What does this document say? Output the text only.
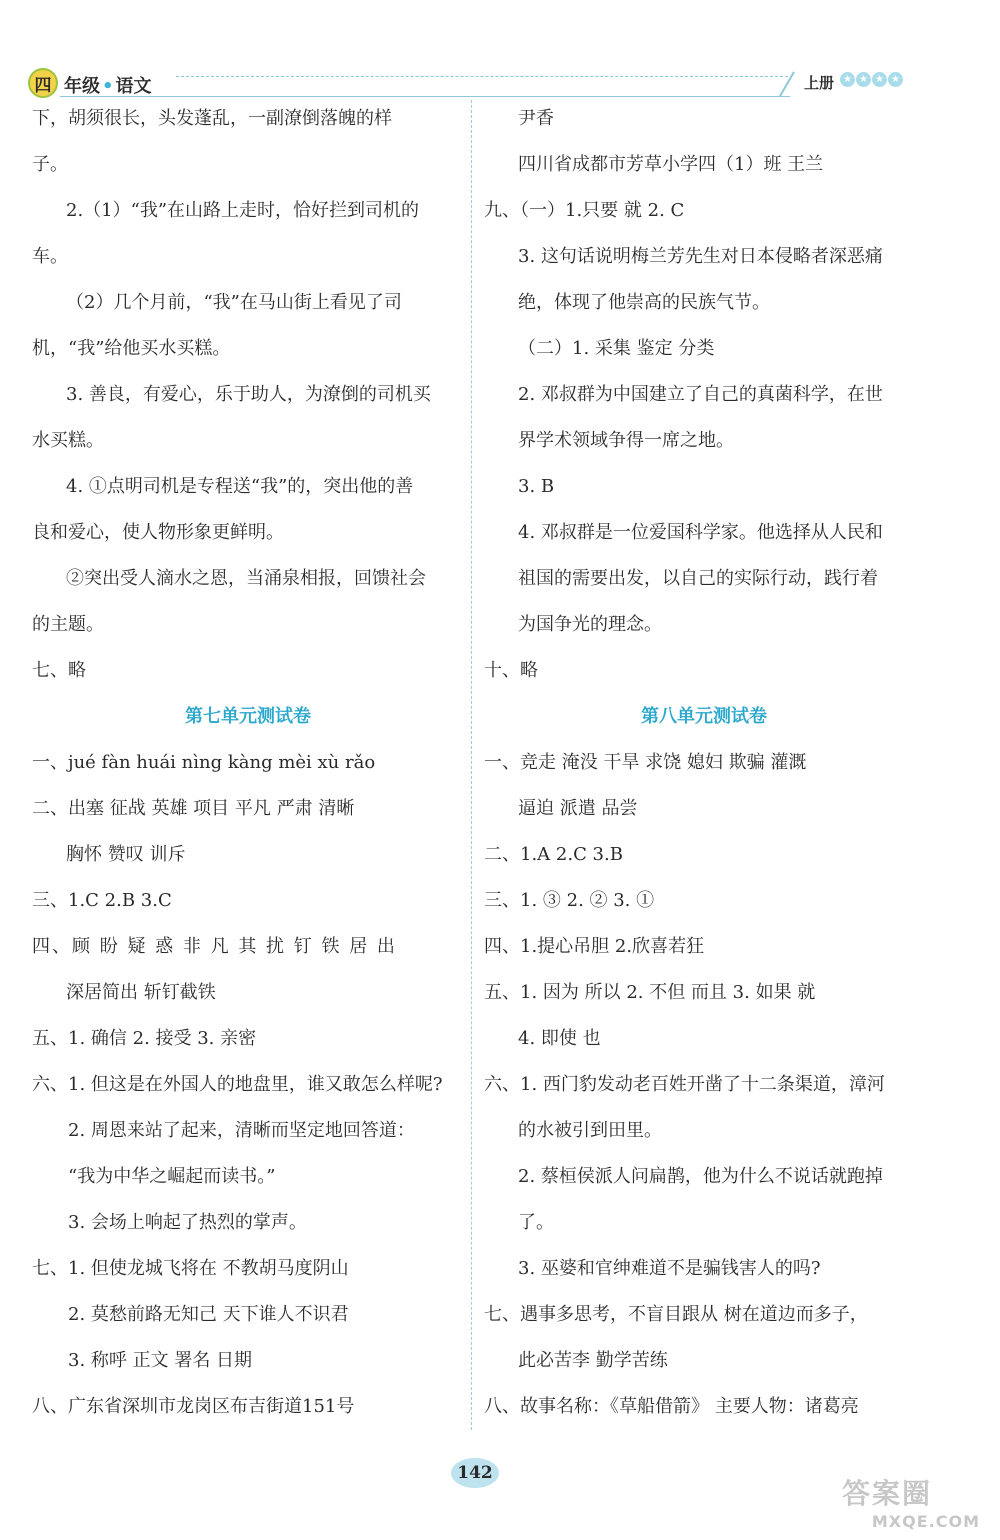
四 年级 • 语文	上册 ★ ★ ★ ★
下，胡须很长，头发蓬乱，一副潦倒落魄的样
子。
2.（1）“我”在山路上走时，恰好拦到司机的
车。
（2）几个月前，“我”在马山街上看见了司
机，“我”给他买水买糕。
3. 善良，有爱心，乐于助人，为潦倒的司机买
水买糕。
4. ①点明司机是专程送“我”的，突出他的善
良和爱心，使人物形象更鲜明。
②突出受人滴水之恩，当涌泉相报，回馈社会
的主题。
七、略
第七单元测试卷
一、jué fàn huái nìng kàng mèi xù rǎo
二、出塞 征战 英雄 项目 平凡 严肃 清晰
胸怀 赞叹 训斥
三、1.C 2.B 3.C
四、顾 盼 疑 惑 非 凡 其 扰 钉 铁 居 出
深居简出 斩钉截铁
五、1. 确信 2. 接受 3. 亲密
六、1. 但这是在外国人的地盘里，谁又敢怎么样呢?
2. 周恩来站了起来，清晰而坚定地回答道：
“我为中华之崛起而读书。”
3. 会场上响起了热烈的掌声。
七、1. 但使龙城飞将在 不教胡马度阴山
2. 莫愁前路无知己 天下谁人不识君
3. 称呼 正文 署名 日期
八、广东省深圳市龙岗区布吉街道151号
尹香
四川省成都市芳草小学四（1）班 王兰
九、（一）1.只要 就 2. C
3. 这句话说明梅兰芳先生对日本侵略者深恶痛
绝，体现了他崇高的民族气节。
（二）1. 采集 鉴定 分类
2. 邓叔群为中国建立了自己的真菌科学，在世
界学术领域争得一席之地。
3. B
4. 邓叔群是一位爱国科学家。他选择从人民和
祖国的需要出发，以自己的实际行动，践行着
为国争光的理念。
十、略
第八单元测试卷
一、竞走 淹没 干旱 求饶 媳妇 欺骗 灌溉
逼迫 派遣 品尝
二、1.A 2.C 3.B
三、1. ③ 2. ② 3. ①
四、1.提心吊胆 2.欣喜若狂
五、1. 因为 所以 2. 不但 而且 3. 如果 就
4. 即使 也
六、1. 西门豹发动老百姓开凿了十二条渠道，漳河
的水被引到田里。
2. 蔡桓侯派人问扁鹊，他为什么不说话就跑掉
了。
3. 巫婆和官绅难道不是骗钱害人的吗?
七、遇事多思考，不盲目跟从 树在道边而多子，
此必苦李 勤学苦练
八、故事名称：《草船借箭》 主要人物：诸葛亮
142
答案圈
MXQE.COM
